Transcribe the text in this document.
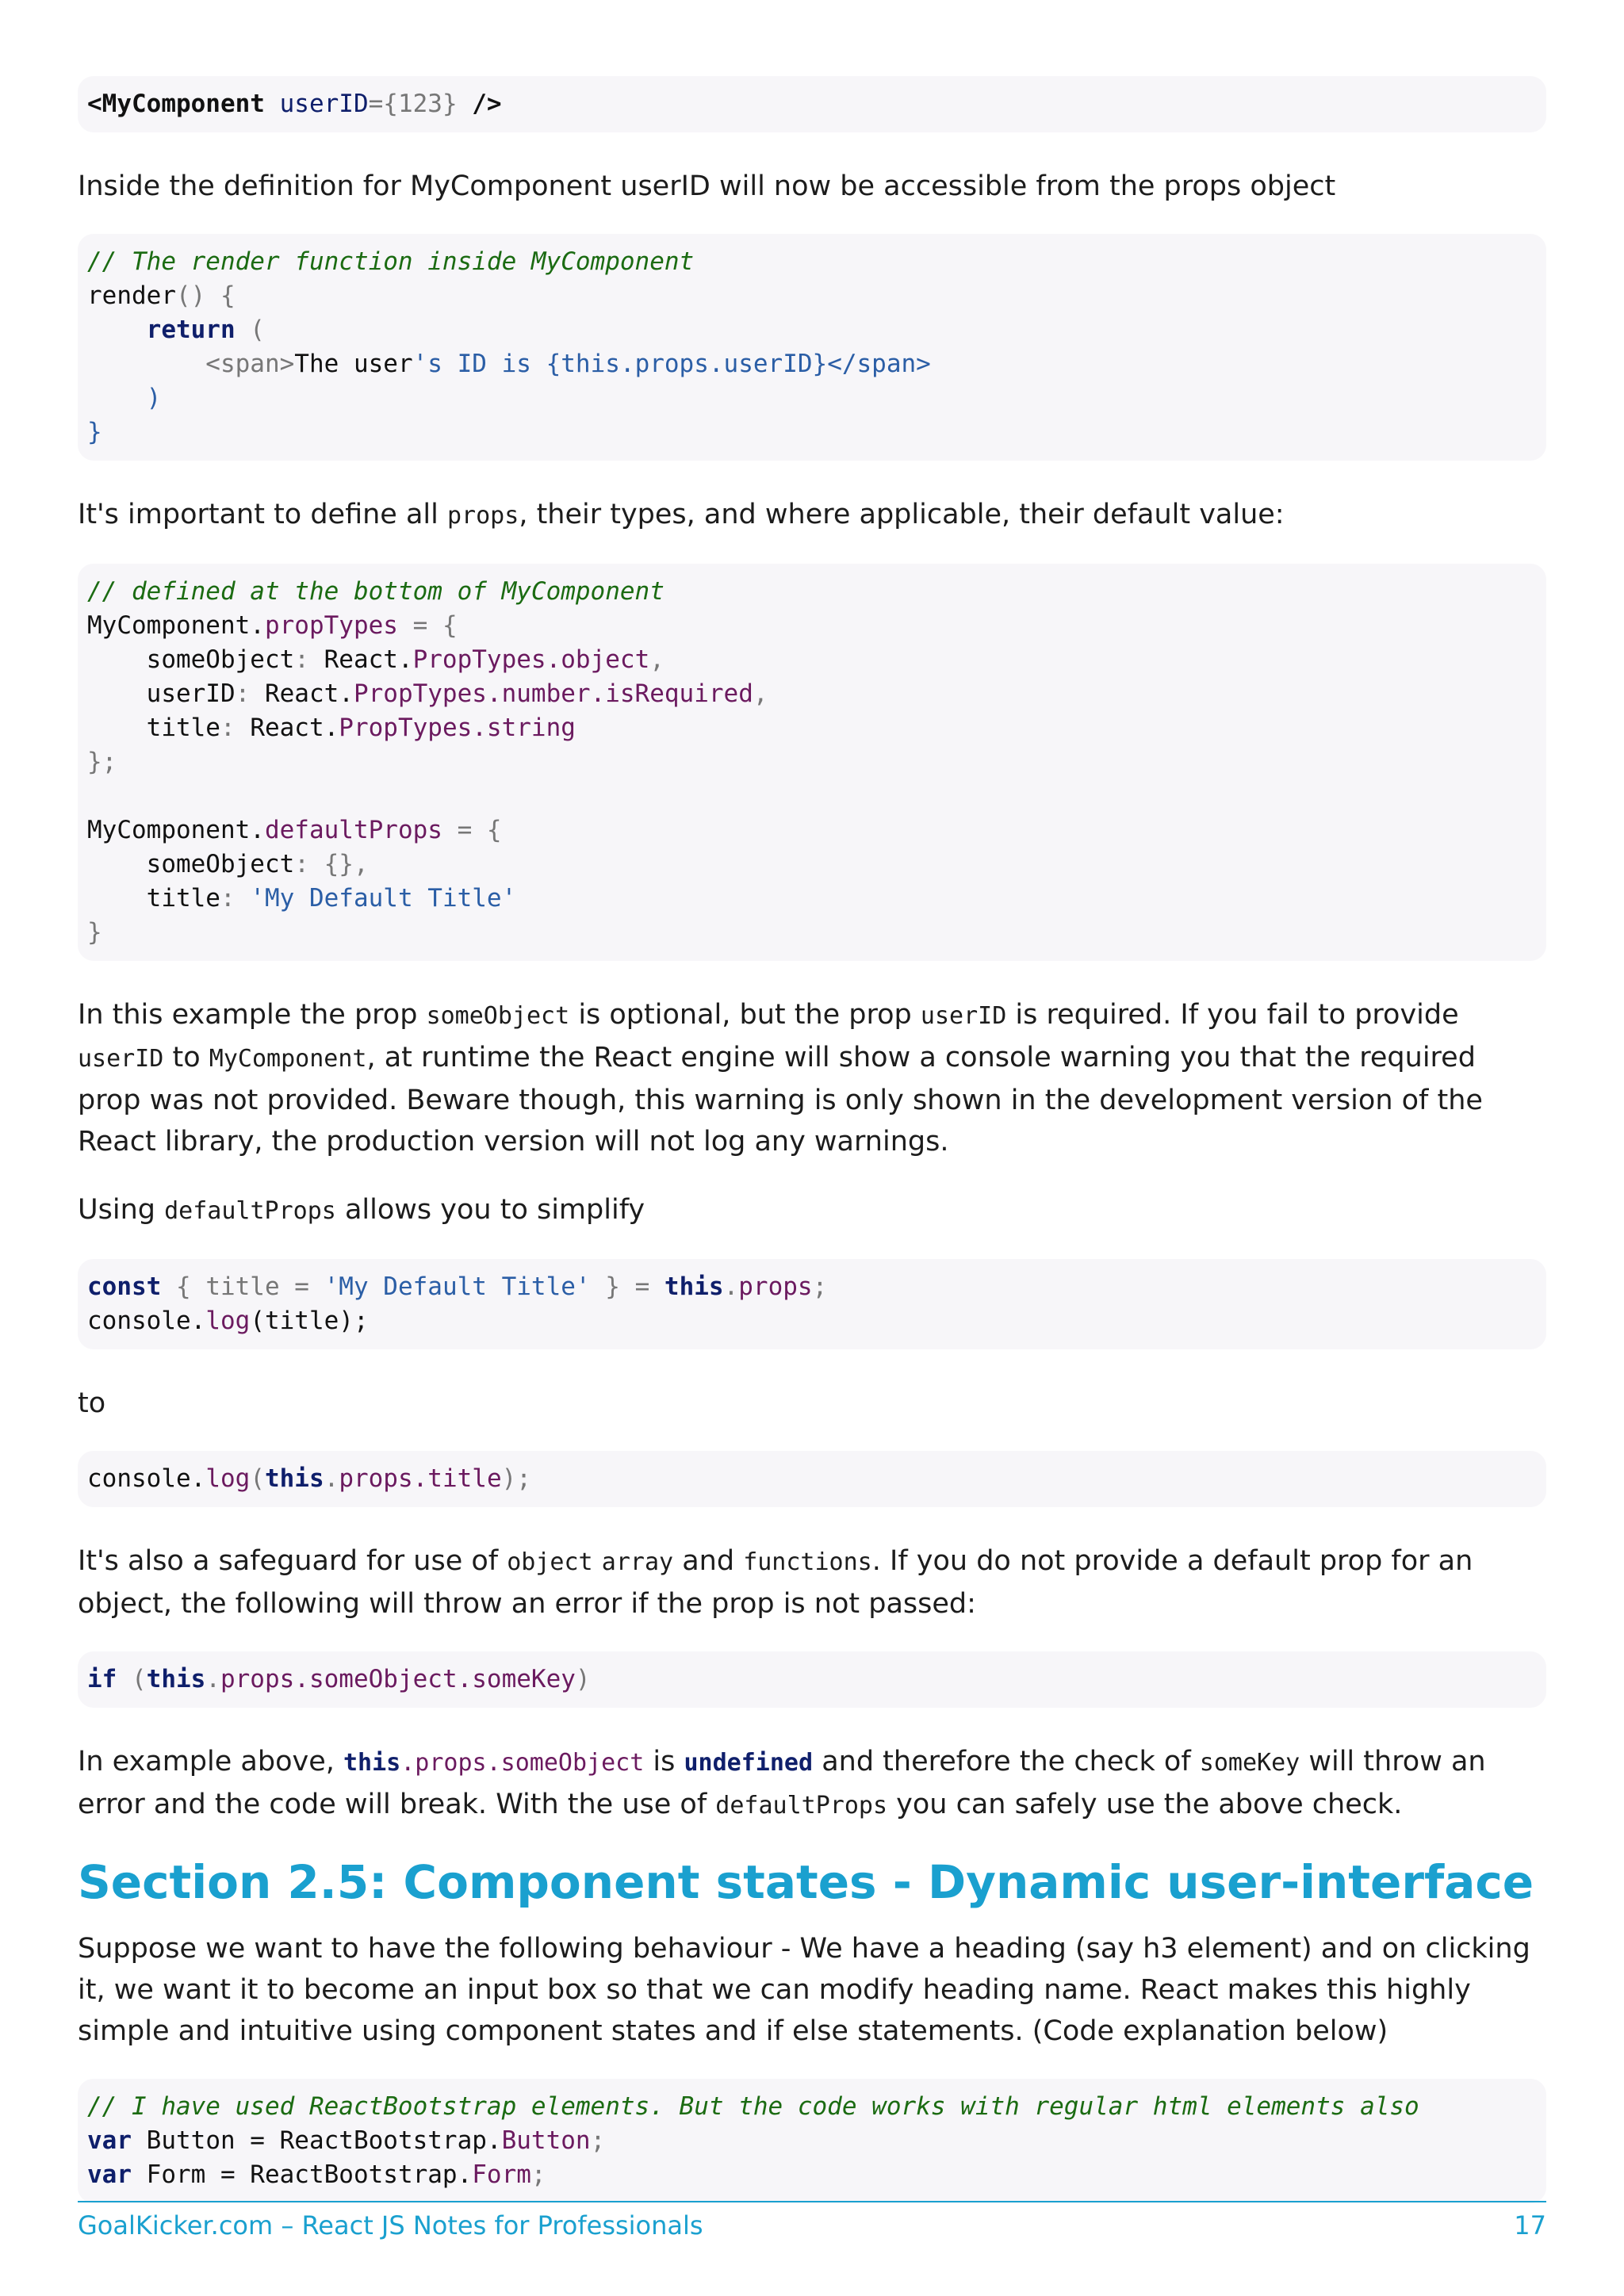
<MyComponent userID={123} />

Inside the definition for MyComponent userID will now be accessible from the props object

// The render function inside MyComponent
render() {
return (
<span>The user's ID is {this.props.userID}</span>
)
}

It's important to define all props, their types, and where applicable, their default value:

// defined at the bottom of MyComponent
MyComponent.propTypes = {
someObject: React.PropTypes.object,
userID: React.PropTypes.number.isRequired,
title: React.PropTypes.string
};

MyComponent.defaultProps = {
someObject: {},
title: 'My Default Title'
}

In this example the prop someObject is optional, but the prop userID is required. If you fail to provide userID to MyComponent, at runtime the React engine will show a console warning you that the required prop was not provided. Beware though, this warning is only shown in the development version of the React library, the production version will not log any warnings.

Using defaultProps allows you to simplify

const { title = 'My Default Title' } = this.props;
console.log(title);

to

console.log(this.props.title);

It's also a safeguard for use of object array and functions. If you do not provide a default prop for an object, the following will throw an error if the prop is not passed:

if (this.props.someObject.someKey)

In example above, this.props.someObject is undefined and therefore the check of someKey will throw an error and the code will break. With the use of defaultProps you can safely use the above check.

Section 2.5: Component states - Dynamic user-interface

Suppose we want to have the following behaviour - We have a heading (say h3 element) and on clicking it, we want it to become an input box so that we can modify heading name. React makes this highly simple and intuitive using component states and if else statements. (Code explanation below)

// I have used ReactBootstrap elements. But the code works with regular html elements also
var Button = ReactBootstrap.Button;
var Form = ReactBootstrap.Form;
GoalKicker.com – React JS Notes for Professionals	17
